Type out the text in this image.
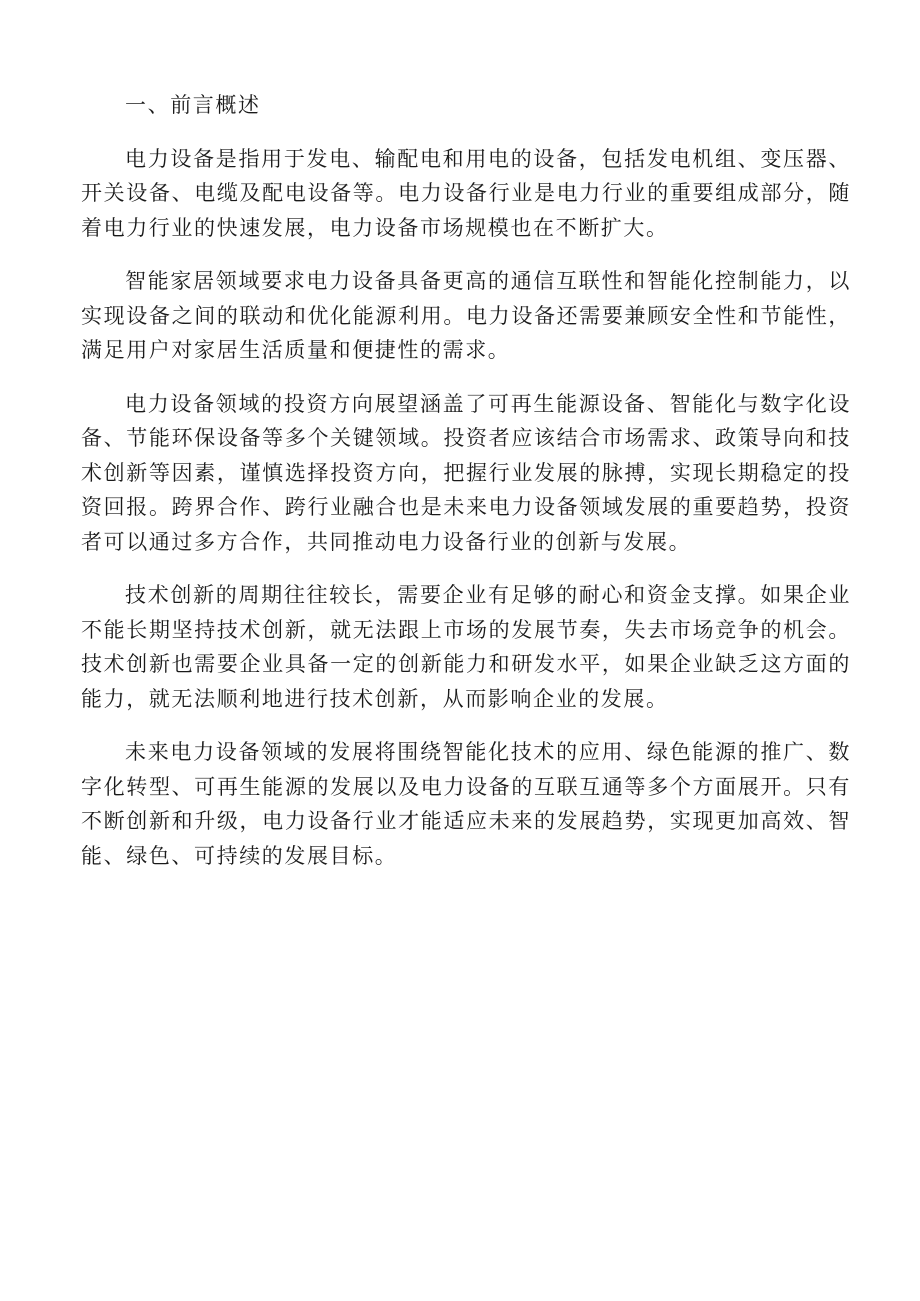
一、前言概述

电力设备是指用于发电、输配电和用电的设备，包括发电机组、变压器、开关设备、电缆及配电设备等。电力设备行业是电力行业的重要组成部分，随着电力行业的快速发展，电力设备市场规模也在不断扩大。

智能家居领域要求电力设备具备更高的通信互联性和智能化控制能力，以实现设备之间的联动和优化能源利用。电力设备还需要兼顾安全性和节能性，满足用户对家居生活质量和便捷性的需求。

电力设备领域的投资方向展望涵盖了可再生能源设备、智能化与数字化设备、节能环保设备等多个关键领域。投资者应该结合市场需求、政策导向和技术创新等因素，谨慎选择投资方向，把握行业发展的脉搏，实现长期稳定的投资回报。跨界合作、跨行业融合也是未来电力设备领域发展的重要趋势，投资者可以通过多方合作，共同推动电力设备行业的创新与发展。

技术创新的周期往往较长，需要企业有足够的耐心和资金支撑。如果企业不能长期坚持技术创新，就无法跟上市场的发展节奏，失去市场竞争的机会。技术创新也需要企业具备一定的创新能力和研发水平，如果企业缺乏这方面的能力，就无法顺利地进行技术创新，从而影响企业的发展。

未来电力设备领域的发展将围绕智能化技术的应用、绿色能源的推广、数字化转型、可再生能源的发展以及电力设备的互联互通等多个方面展开。只有不断创新和升级，电力设备行业才能适应未来的发展趋势，实现更加高效、智能、绿色、可持续的发展目标。
